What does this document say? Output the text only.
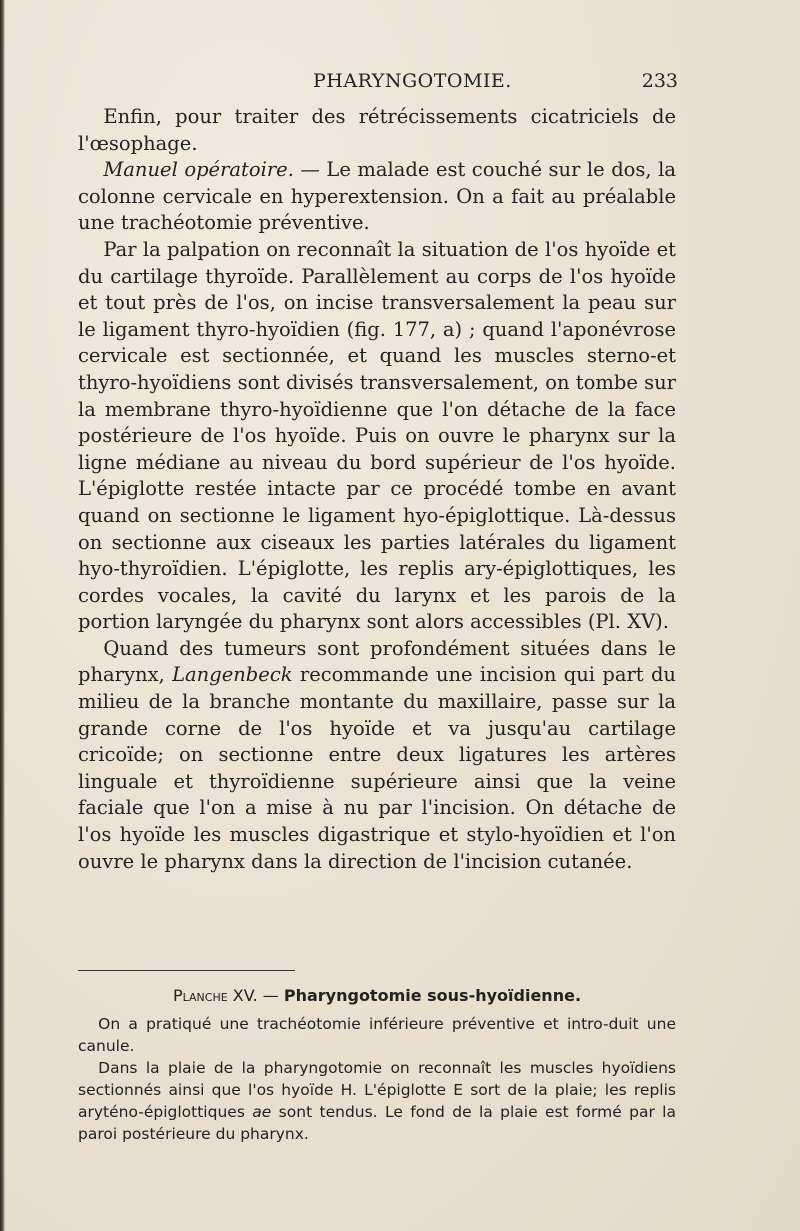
PHARYNGOTOMIE.	233

Enfin, pour traiter des rétrécissements cicatriciels de l'œsophage.

Manuel opératoire. — Le malade est couché sur le dos, la colonne cervicale en hyperextension. On a fait au préalable une trachéotomie préventive.

Par la palpation on reconnaît la situation de l'os hyoïde et du cartilage thyroïde. Parallèlement au corps de l'os hyoïde et tout près de l'os, on incise transversalement la peau sur le ligament thyro-hyoïdien (fig. 177, a) ; quand l'aponévrose cervicale est sectionnée, et quand les muscles sterno-et thyro-hyoïdiens sont divisés transversalement, on tombe sur la membrane thyro-hyoïdienne que l'on détache de la face postérieure de l'os hyoïde. Puis on ouvre le pharynx sur la ligne médiane au niveau du bord supérieur de l'os hyoïde. L'épiglotte restée intacte par ce procédé tombe en avant quand on sectionne le ligament hyo-épiglottique. Là-dessus on sectionne aux ciseaux les parties latérales du ligament hyo-thyroïdien. L'épiglotte, les replis ary-épiglottiques, les cordes vocales, la cavité du larynx et les parois de la portion laryngée du pharynx sont alors accessibles (Pl. XV).

Quand des tumeurs sont profondément situées dans le pharynx, Langenbeck recommande une incision qui part du milieu de la branche montante du maxillaire, passe sur la grande corne de l'os hyoïde et va jusqu'au cartilage cricoïde; on sectionne entre deux ligatures les artères linguale et thyroïdienne supérieure ainsi que la veine faciale que l'on a mise à nu par l'incision. On détache de l'os hyoïde les muscles digastrique et stylo-hyoïdien et l'on ouvre le pharynx dans la direction de l'incision cutanée.

Planche XV. — Pharyngotomie sous-hyoïdienne.

On a pratiqué une trachéotomie inférieure préventive et intro-duit une canule.

Dans la plaie de la pharyngotomie on reconnaît les muscles hyoïdiens sectionnés ainsi que l'os hyoïde H. L'épiglotte E sort de la plaie; les replis aryténo-épiglottiques ae sont tendus. Le fond de la plaie est formé par la paroi postérieure du pharynx.
